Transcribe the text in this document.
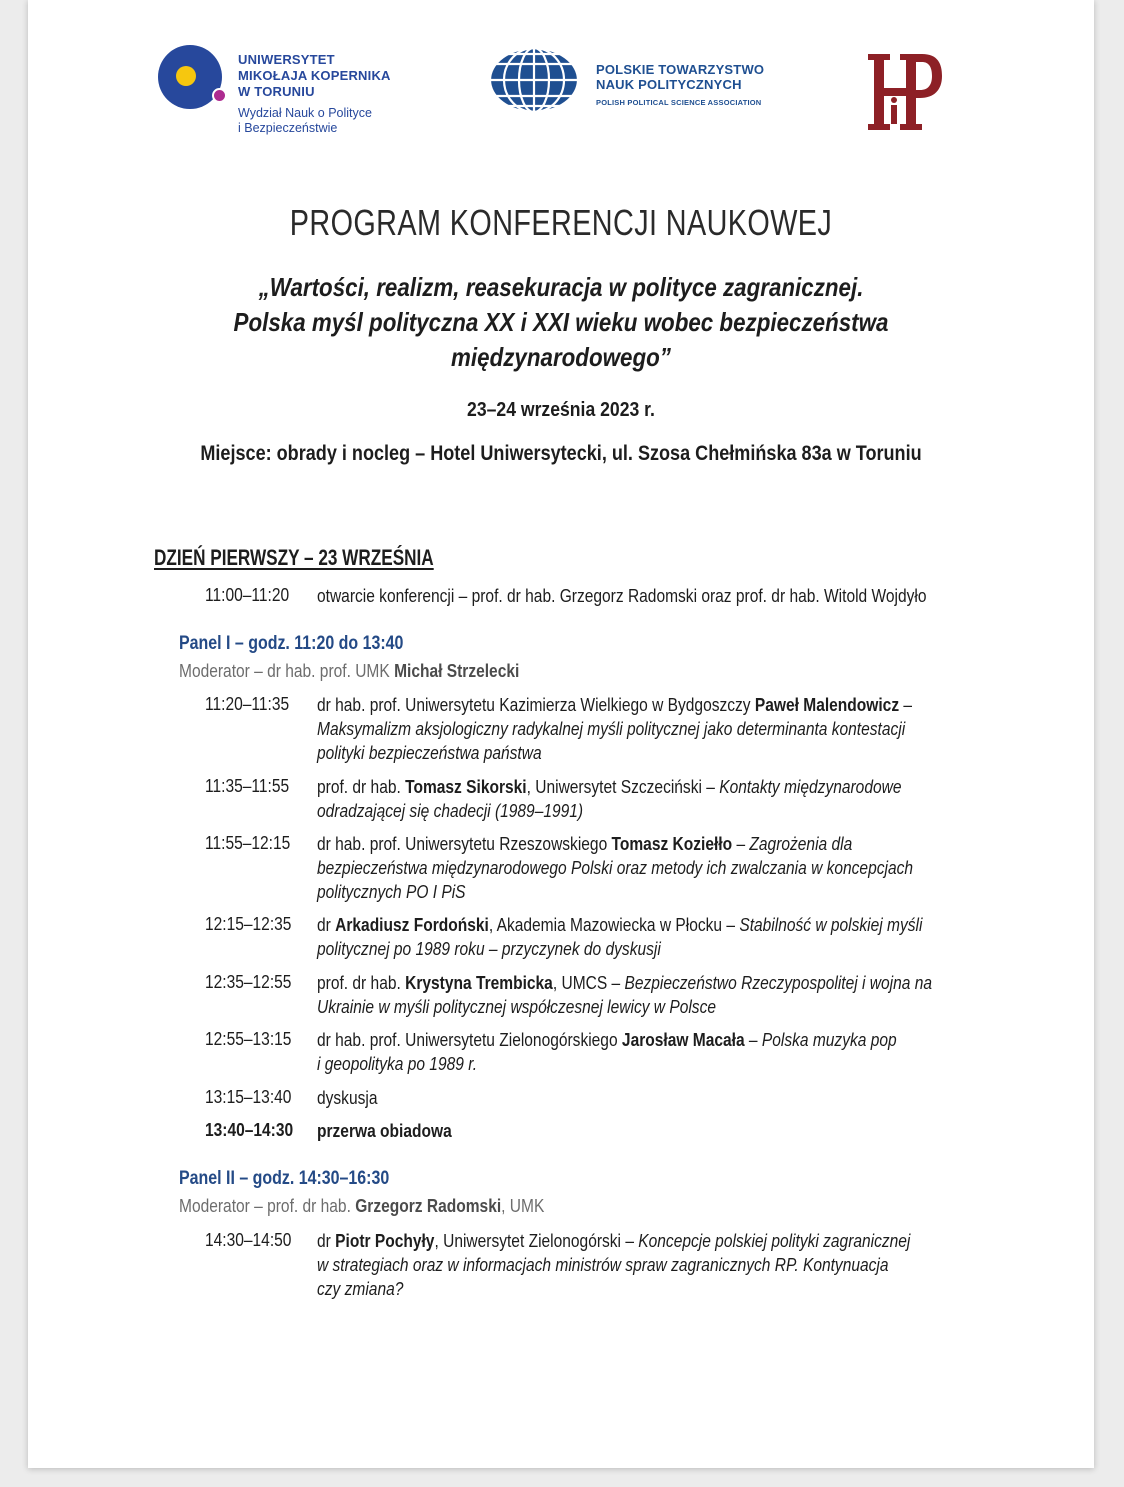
UNIWERSYTET
MIKOŁAJA KOPERNIKA
W TORUNIU
Wydział Nauk o Polityce
i Bezpieczeństwie
POLSKIE TOWARZYSTWO
NAUK POLITYCZNYCH
POLISH POLITICAL SCIENCE ASSOCIATION
PROGRAM KONFERENCJI NAUKOWEJ
„Wartości, realizm, reasekuracja w polityce zagranicznej.
Polska myśl polityczna XX i XXI wieku wobec bezpieczeństwa
międzynarodowego”
23–24 września 2023 r.
Miejsce: obrady i nocleg – Hotel Uniwersytecki, ul. Szosa Chełmińska 83a w Toruniu
DZIEŃ PIERWSZY – 23 WRZEŚNIA
11:00–11:20 otwarcie konferencji – prof. dr hab. Grzegorz Radomski oraz prof. dr hab. Witold Wojdyło
Panel I – godz. 11:20 do 13:40
Moderator – dr hab. prof. UMK Michał Strzelecki
11:20–11:35 dr hab. prof. Uniwersytetu Kazimierza Wielkiego w Bydgoszczy Paweł Malendowicz –
Maksymalizm aksjologiczny radykalnej myśli politycznej jako determinanta kontestacji
polityki bezpieczeństwa państwa
11:35–11:55 prof. dr hab. Tomasz Sikorski, Uniwersytet Szczeciński – Kontakty międzynarodowe
odradzającej się chadecji (1989–1991)
11:55–12:15 dr hab. prof. Uniwersytetu Rzeszowskiego Tomasz Koziełło – Zagrożenia dla
bezpieczeństwa międzynarodowego Polski oraz metody ich zwalczania w koncepcjach
politycznych PO I PiS
12:15–12:35 dr Arkadiusz Fordoński, Akademia Mazowiecka w Płocku – Stabilność w polskiej myśli
politycznej po 1989 roku – przyczynek do dyskusji
12:35–12:55 prof. dr hab. Krystyna Trembicka, UMCS – Bezpieczeństwo Rzeczypospolitej i wojna na
Ukrainie w myśli politycznej współczesnej lewicy w Polsce
12:55–13:15 dr hab. prof. Uniwersytetu Zielonogórskiego Jarosław Macała – Polska muzyka pop
i geopolityka po 1989 r.
13:15–13:40 dyskusja
13:40–14:30 przerwa obiadowa
Panel II – godz. 14:30–16:30
Moderator – prof. dr hab. Grzegorz Radomski, UMK
14:30–14:50 dr Piotr Pochyły, Uniwersytet Zielonogórski – Koncepcje polskiej polityki zagranicznej
w strategiach oraz w informacjach ministrów spraw zagranicznych RP. Kontynuacja
czy zmiana?
